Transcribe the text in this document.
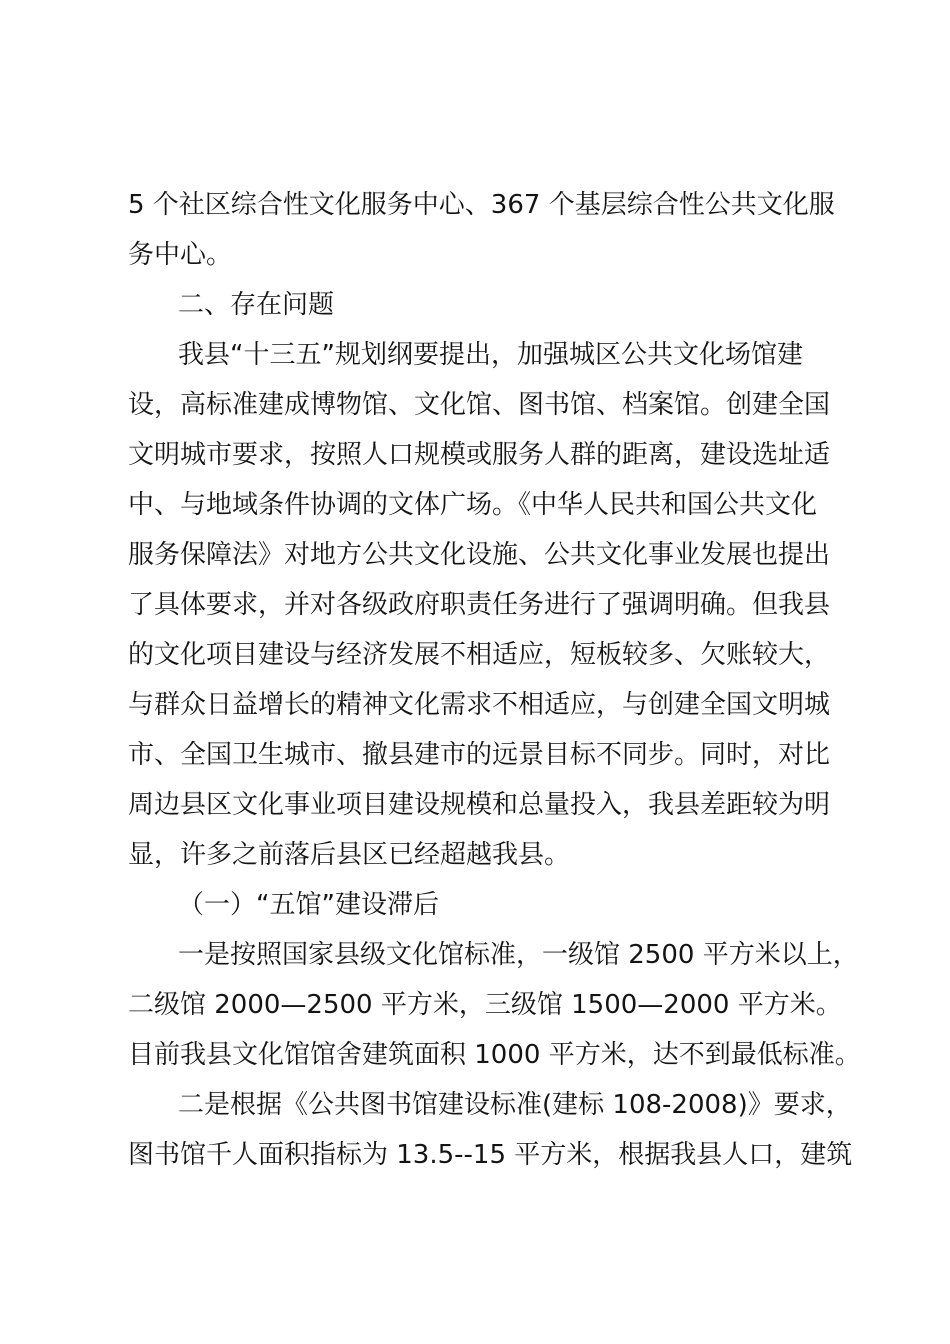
5 个社区综合性文化服务中心、367 个基层综合性公共文化服

务中心。

二、存在问题

我县“十三五”规划纲要提出，加强城区公共文化场馆建

设，高标准建成博物馆、文化馆、图书馆、档案馆。创建全国

文明城市要求，按照人口规模或服务人群的距离，建设选址适

中、与地域条件协调的文体广场。《中华人民共和国公共文化

服务保障法》对地方公共文化设施、公共文化事业发展也提出

了具体要求，并对各级政府职责任务进行了强调明确。但我县

的文化项目建设与经济发展不相适应，短板较多、欠账较大，

与群众日益增长的精神文化需求不相适应，与创建全国文明城

市、全国卫生城市、撤县建市的远景目标不同步。同时，对比

周边县区文化事业项目建设规模和总量投入，我县差距较为明

显，许多之前落后县区已经超越我县。

（一）“五馆”建设滞后

一是按照国家县级文化馆标准，一级馆 2500 平方米以上，

二级馆 2000—2500 平方米，三级馆 1500—2000 平方米。

目前我县文化馆馆舍建筑面积 1000 平方米，达不到最低标准。

二是根据《公共图书馆建设标准(建标 108-2008)》要求，

图书馆千人面积指标为 13.5--15 平方米，根据我县人口，建筑
